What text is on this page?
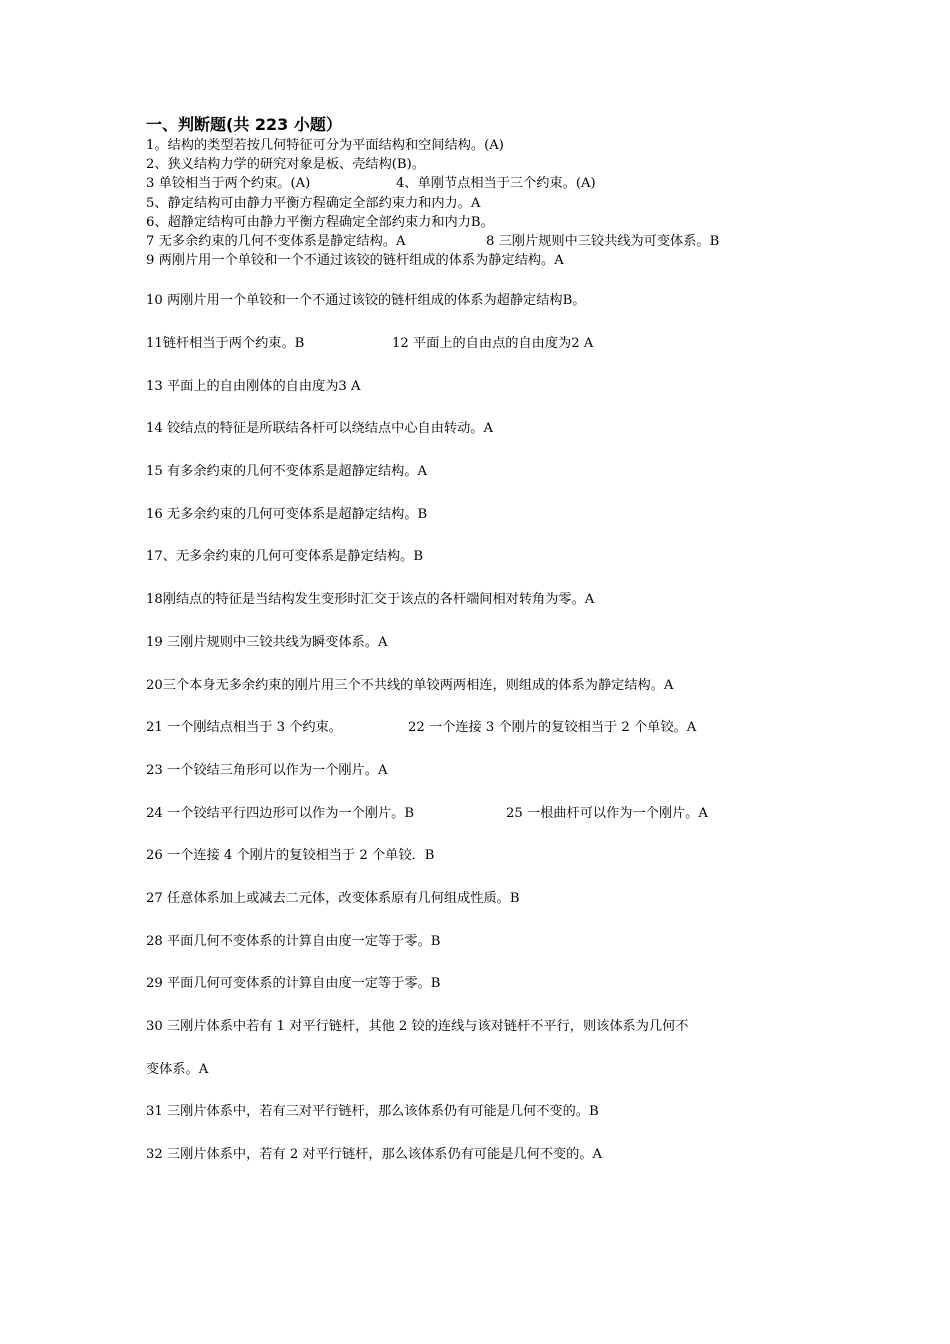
一、判断题(共 223 小题）
1。结构的类型若按几何特征可分为平面结构和空间结构。(A)
2、狭义结构力学的研究对象是板、壳结构(B)。
3 单铰相当于两个约束。(A)	4、单刚节点相当于三个约束。(A)
5、静定结构可由静力平衡方程确定全部约束力和内力。A
6、超静定结构可由静力平衡方程确定全部约束力和内力B。
7 无多余约束的几何不变体系是静定结构。A	8 三刚片规则中三铰共线为可变体系。B
9 两刚片用一个单铰和一个不通过该铰的链杆组成的体系为静定结构。A
10 两刚片用一个单铰和一个不通过该铰的链杆组成的体系为超静定结构B。
11链杆相当于两个约束。B	12 平面上的自由点的自由度为2 A
13 平面上的自由刚体的自由度为3 A
14 铰结点的特征是所联结各杆可以绕结点中心自由转动。A
15 有多余约束的几何不变体系是超静定结构。A
16 无多余约束的几何可变体系是超静定结构。B
17、无多余约束的几何可变体系是静定结构。B
18刚结点的特征是当结构发生变形时汇交于该点的各杆端间相对转角为零。A
19 三刚片规则中三铰共线为瞬变体系。A
20三个本身无多余约束的刚片用三个不共线的单铰两两相连，则组成的体系为静定结构。A
21 一个刚结点相当于 3 个约束。	22 一个连接 3 个刚片的复铰相当于 2 个单铰。A
23 一个铰结三角形可以作为一个刚片。A
24 一个铰结平行四边形可以作为一个刚片。B	25 一根曲杆可以作为一个刚片。A
26 一个连接 4 个刚片的复铰相当于 2 个单铰．B
27 任意体系加上或减去二元体，改变体系原有几何组成性质。B
28 平面几何不变体系的计算自由度一定等于零。B
29 平面几何可变体系的计算自由度一定等于零。B
30 三刚片体系中若有 1 对平行链杆，其他 2 铰的连线与该对链杆不平行，则该体系为几何不
变体系。A
31 三刚片体系中，若有三对平行链杆，那么该体系仍有可能是几何不变的。B
32 三刚片体系中，若有 2 对平行链杆，那么该体系仍有可能是几何不变的。A
